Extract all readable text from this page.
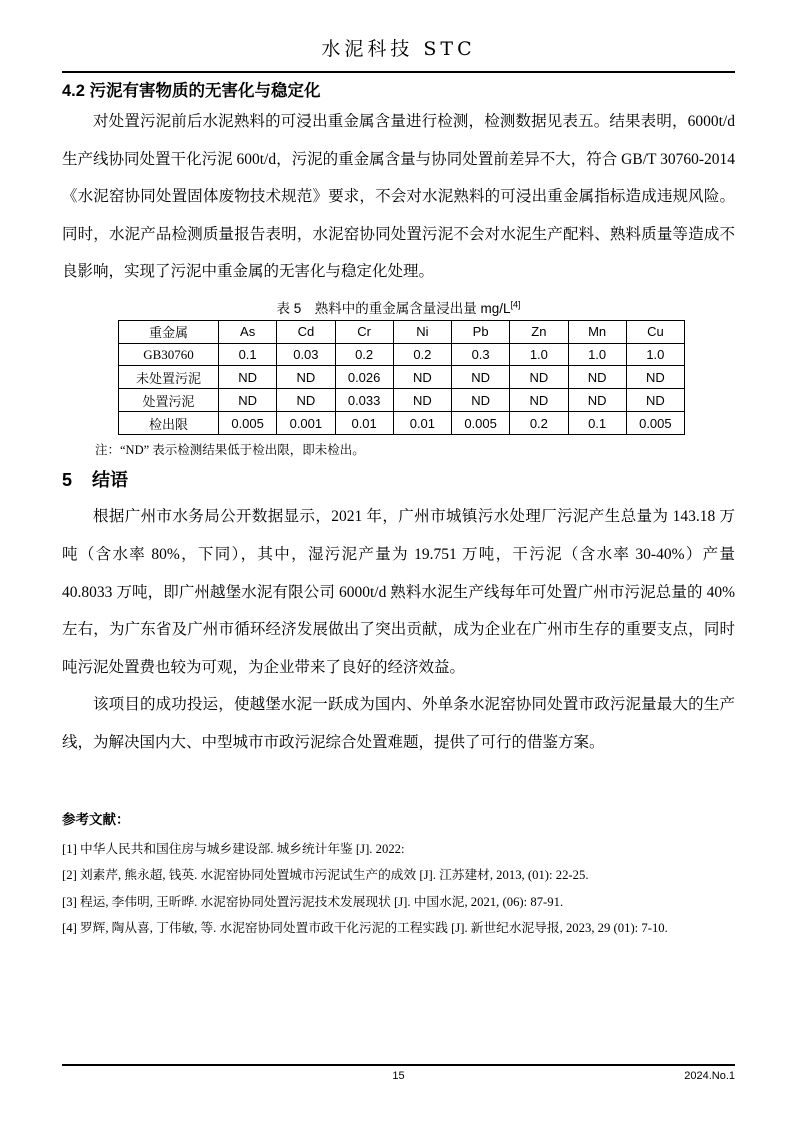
水泥科技 STC
4.2 污泥有害物质的无害化与稳定化

对处置污泥前后水泥熟料的可浸出重金属含量进行检测，检测数据见表五。结果表明，6000t/d 生产线协同处置干化污泥 600t/d，污泥的重金属含量与协同处置前差异不大，符合 GB/T 30760-2014《水泥窑协同处置固体废物技术规范》要求，不会对水泥熟料的可浸出重金属指标造成违规风险。同时，水泥产品检测质量报告表明，水泥窑协同处置污泥不会对水泥生产配料、熟料质量等造成不良影响，实现了污泥中重金属的无害化与稳定化处理。

表 5　熟料中的重金属含量浸出量 mg/L[4]
重金属	As	Cd	Cr	Ni	Pb	Zn	Mn	Cu
GB30760	0.1	0.03	0.2	0.2	0.3	1.0	1.0	1.0
未处置污泥	ND	ND	0.026	ND	ND	ND	ND	ND
处置污泥	ND	ND	0.033	ND	ND	ND	ND	ND
检出限	0.005	0.001	0.01	0.01	0.005	0.2	0.1	0.005
注：“ND” 表示检测结果低于检出限，即未检出。
5 结语

根据广州市水务局公开数据显示，2021 年，广州市城镇污水处理厂污泥产生总量为 143.18 万吨（含水率 80%，下同），其中，湿污泥产量为 19.751 万吨，干污泥（含水率 30-40%）产量 40.8033 万吨，即广州越堡水泥有限公司 6000t/d 熟料水泥生产线每年可处置广州市污泥总量的 40%左右，为广东省及广州市循环经济发展做出了突出贡献，成为企业在广州市生存的重要支点，同时吨污泥处置费也较为可观，为企业带来了良好的经济效益。

该项目的成功投运，使越堡水泥一跃成为国内、外单条水泥窑协同处置市政污泥量最大的生产线，为解决国内大、中型城市市政污泥综合处置难题，提供了可行的借鉴方案。

参考文献：

[1] 中华人民共和国住房与城乡建设部. 城乡统计年鉴 [J]. 2022:

[2] 刘素芹, 熊永超, 钱英. 水泥窑协同处置城市污泥试生产的成效 [J]. 江苏建材, 2013, (01): 22-25.

[3] 程运, 李伟明, 王昕晔. 水泥窑协同处置污泥技术发展现状 [J]. 中国水泥, 2021, (06): 87-91.

[4] 罗辉, 陶从喜, 丁伟敏, 等. 水泥窑协同处置市政干化污泥的工程实践 [J]. 新世纪水泥导报, 2023, 29 (01): 7-10.

15	2024.No.1
